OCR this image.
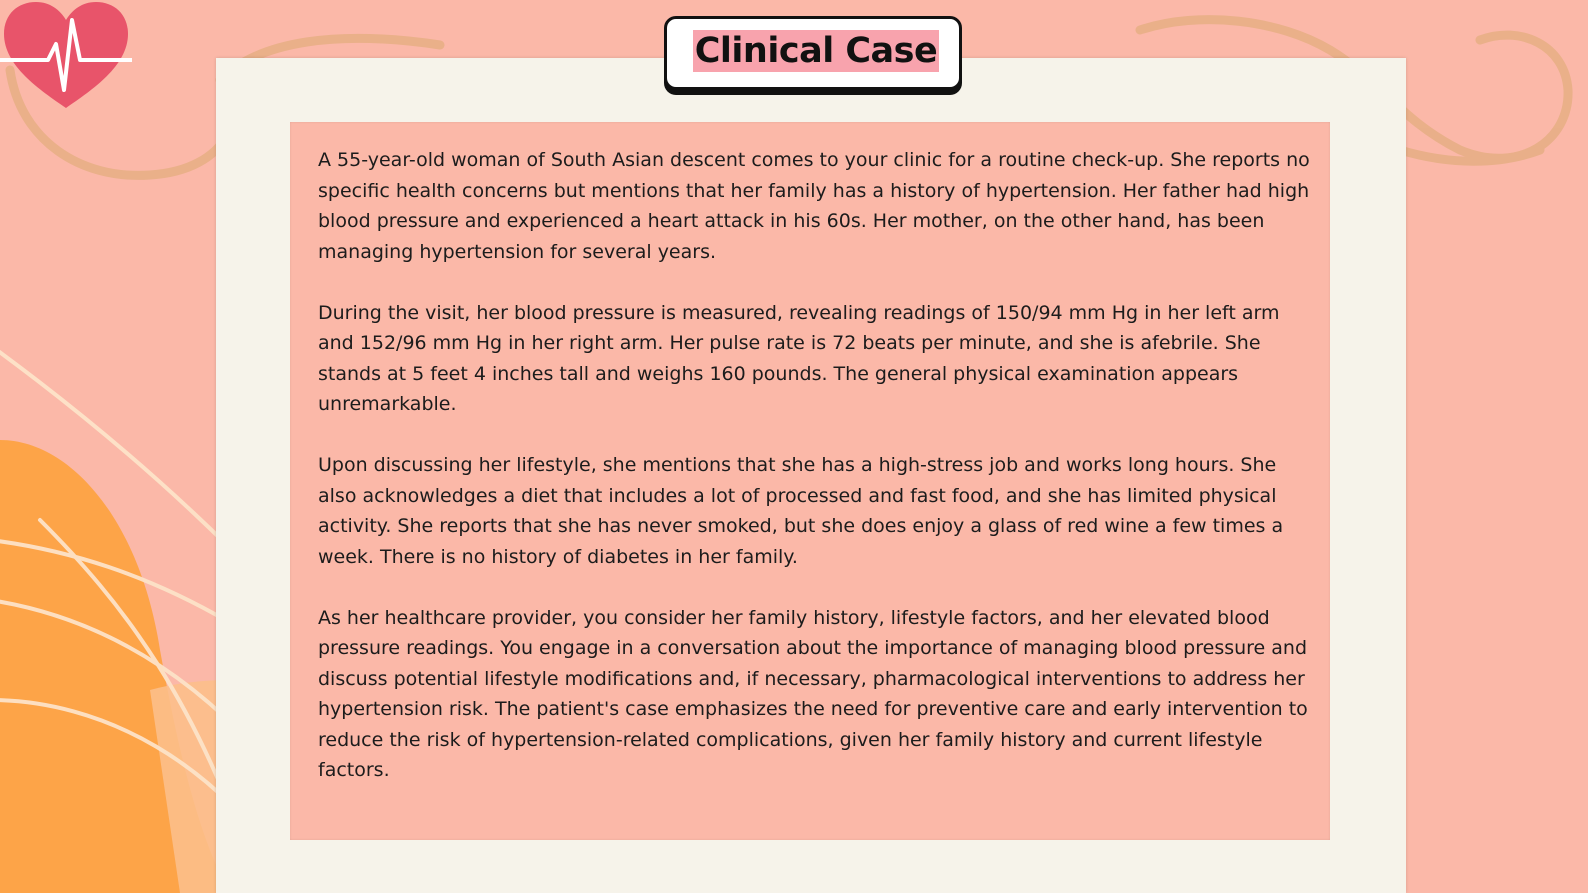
Clinical Case

A 55-year-old woman of South Asian descent comes to your clinic for a routine check-up. She reports no specific health concerns but mentions that her family has a history of hypertension. Her father had high blood pressure and experienced a heart attack in his 60s. Her mother, on the other hand, has been managing hypertension for several years.

During the visit, her blood pressure is measured, revealing readings of 150/94 mm Hg in her left arm and 152/96 mm Hg in her right arm. Her pulse rate is 72 beats per minute, and she is afebrile. She stands at 5 feet 4 inches tall and weighs 160 pounds. The general physical examination appears unremarkable.

Upon discussing her lifestyle, she mentions that she has a high-stress job and works long hours. She also acknowledges a diet that includes a lot of processed and fast food, and she has limited physical activity. She reports that she has never smoked, but she does enjoy a glass of red wine a few times a week. There is no history of diabetes in her family.

As her healthcare provider, you consider her family history, lifestyle factors, and her elevated blood pressure readings. You engage in a conversation about the importance of managing blood pressure and discuss potential lifestyle modifications and, if necessary, pharmacological interventions to address her hypertension risk. The patient's case emphasizes the need for preventive care and early intervention to reduce the risk of hypertension-related complications, given her family history and current lifestyle factors.
